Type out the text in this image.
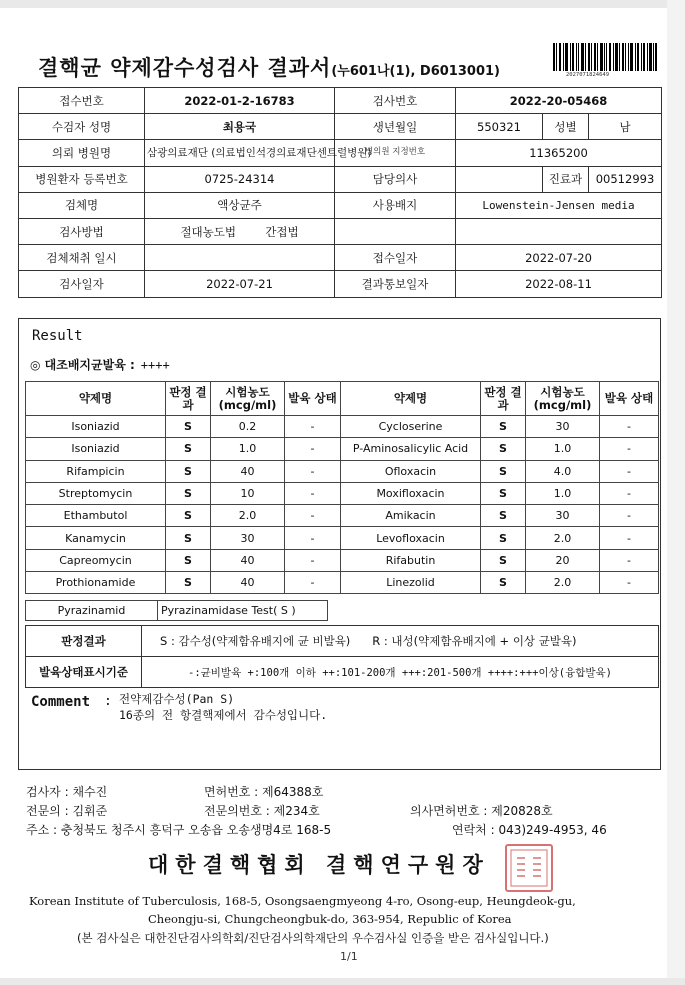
결핵균 약제감수성검사 결과서(누601나(1), D6013001)	2027071824649
접수번호	2022-01-2-16783	검사번호	2022-20-05468		
수검자 성명	최용국	생년월일	550321	성별	남
의뢰 병원명	삼광의료재단 (의료법인석경의료재단센트럴병원)	병의원 지정번호	11365200		
병원환자 등록번호	0725-24314	담당의사		진료과	00512993
검체명	액상균주	사용배지	Lowenstein-Jensen media		
검사방법	절대농도법 간접법				
검체채취 일시		접수일자	2022-07-20		
검사일자	2022-07-21	결과통보일자	2022-08-11		
Result
◎ 대조배지균발육 : ++++
약제명	판정 결과	시험농도 (mcg/ml)	발육 상태	약제명	판정 결과	시험농도 (mcg/ml)	발육 상태
Isoniazid	S	0.2	-	Cycloserine	S	30	-
Isoniazid	S	1.0	-	P-Aminosalicylic Acid	S	1.0	-
Rifampicin	S	40	-	Ofloxacin	S	4.0	-
Streptomycin	S	10	-	Moxifloxacin	S	1.0	-
Ethambutol	S	2.0	-	Amikacin	S	30	-
Kanamycin	S	30	-	Levofloxacin	S	2.0	-
Capreomycin	S	40	-	Rifabutin	S	20	-
Prothionamide	S	40	-	Linezolid	S	2.0	-
Pyrazinamid	Pyrazinamidase Test( S )
판정결과	S : 감수성(약제함유배지에 균 비발육) R : 내성(약제함유배지에 + 이상 균발육)
발육상태표시기준	-:균비발육 +:100개 이하 ++:101-200개 +++:201-500개 ++++:+++이상(융합발육)
Comment : 전약제감수성(Pan S)
16종의 전 항결핵제에서 감수성입니다.
검사자 : 채수진	면허번호 : 제64388호
전문의 : 김휘준	전문의번호 : 제234호	의사면허번호 : 제20828호
주소 : 충청북도 청주시 흥덕구 오송읍 오송생명4로 168-5	연락처 : 043)249-4953, 46
대한결핵협회 결핵연구원장
Korean Institute of Tuberculosis, 168-5, Osongsaengmyeong 4-ro, Osong-eup, Heungdeok-gu,
Cheongju-si, Chungcheongbuk-do, 363-954, Republic of Korea
(본 검사실은 대한진단검사의학회/진단검사의학재단의 우수검사실 인증을 받은 검사실입니다.)
1/1
